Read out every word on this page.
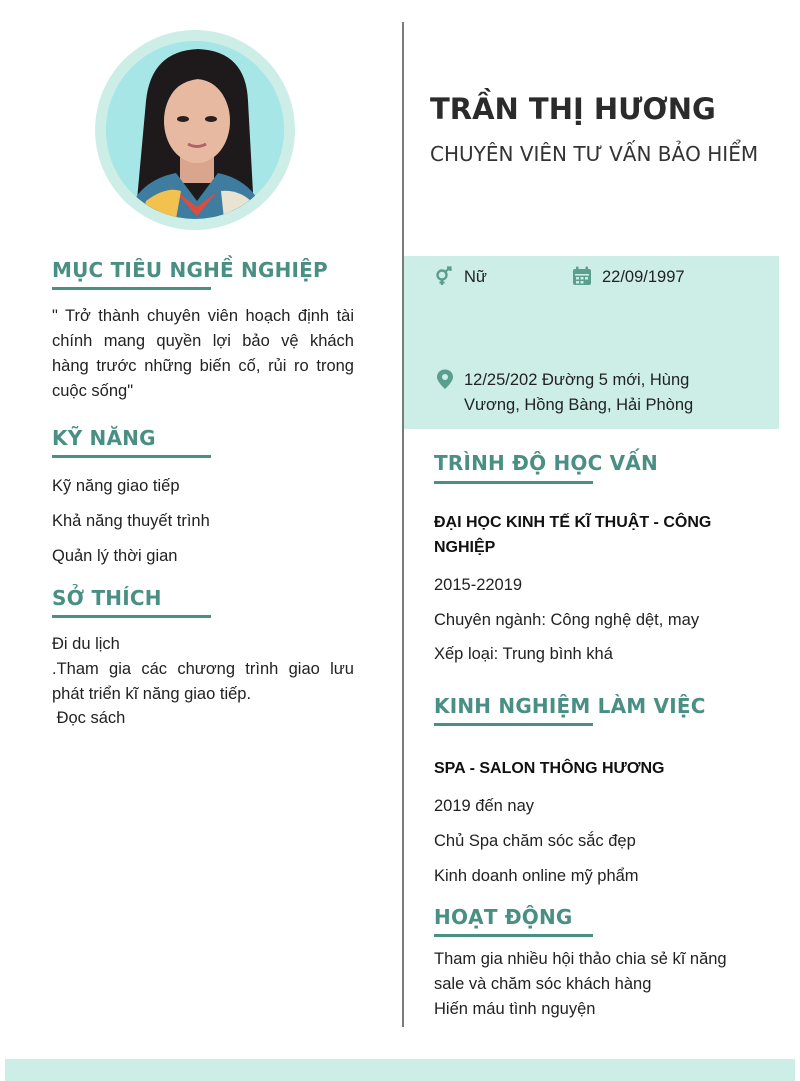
TRẦN THỊ HƯƠNG
CHUYÊN VIÊN TƯ VẤN BẢO HIỂM
Nữ	22/09/1997
12/25/202 Đường 5 mới, Hùng
Vương, Hồng Bàng, Hải Phòng
MỤC TIÊU NGHỀ NGHIỆP
" Trở thành chuyên viên hoạch định tài chính mang quyền lợi bảo vệ khách hàng trước những biến cố, rủi ro trong cuộc sống"
KỸ NĂNG
Kỹ năng giao tiếp
Khả năng thuyết trình
Quản lý thời gian
SỞ THÍCH
Đi du lịch
.Tham gia các chương trình giao lưu phát triển kĩ năng giao tiếp.
Đọc sách
TRÌNH ĐỘ HỌC VẤN
ĐẠI HỌC KINH TẾ KĨ THUẬT - CÔNG
NGHIỆP
2015-22019
Chuyên ngành: Công nghệ dệt, may
Xếp loại: Trung bình khá
KINH NGHIỆM LÀM VIỆC
SPA - SALON THÔNG HƯƠNG
2019 đến nay
Chủ Spa chăm sóc sắc đẹp
Kinh doanh online mỹ phẩm
HOẠT ĐỘNG
Tham gia nhiều hội thảo chia sẻ kĩ năng
sale và chăm sóc khách hàng
Hiến máu tình nguyện
